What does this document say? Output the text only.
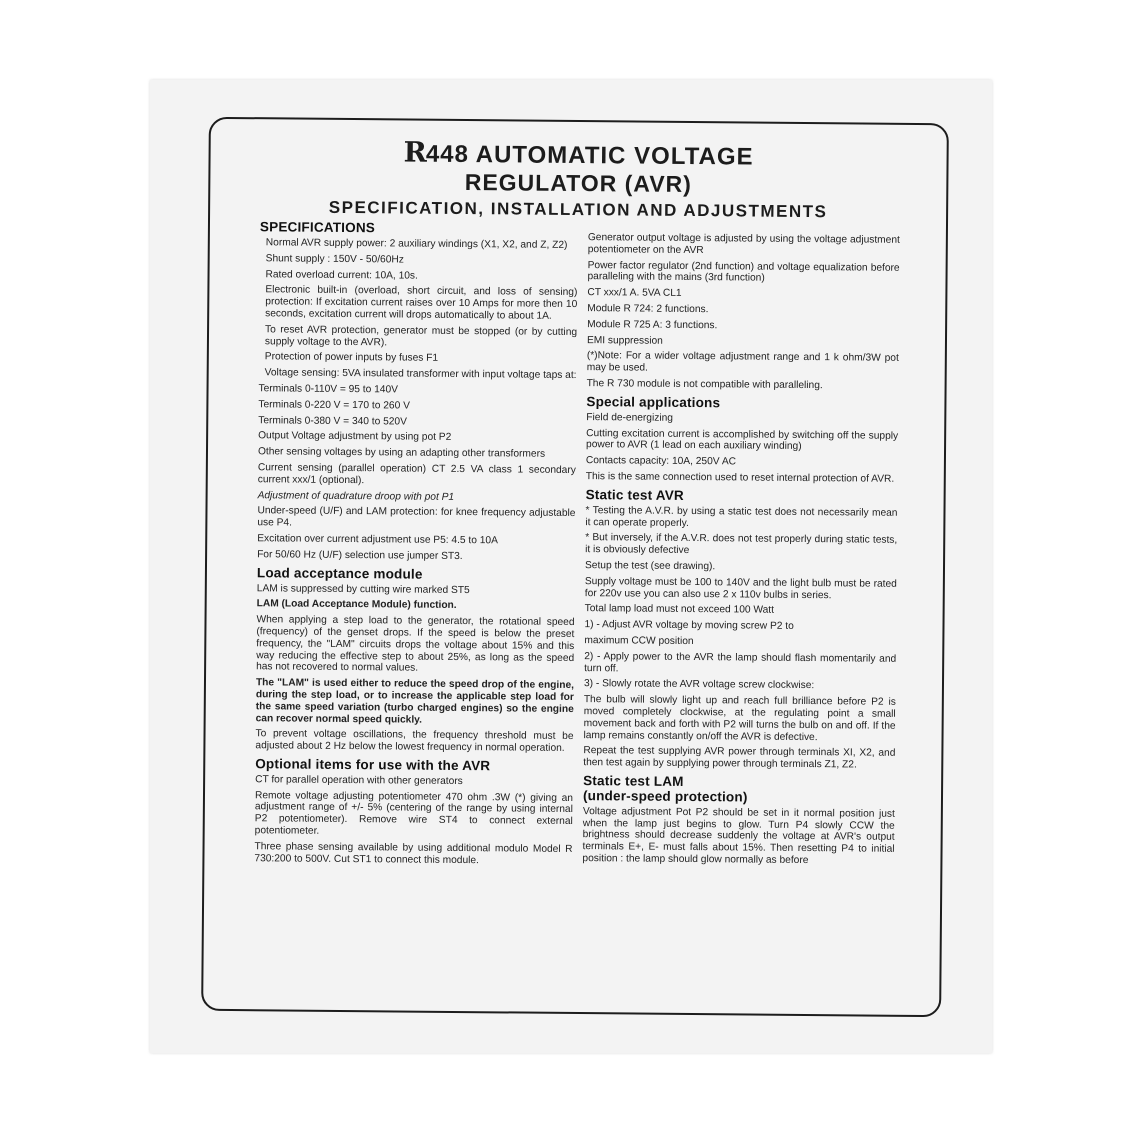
R448 AUTOMATIC VOLTAGE
REGULATOR (AVR)
SPECIFICATION, INSTALLATION AND ADJUSTMENTS
SPECIFICATIONS

Normal AVR supply power: 2 auxiliary windings (X1, X2, and Z, Z2)

Shunt supply : 150V - 50/60Hz

Rated overload current: 10A, 10s.

Electronic built-in (overload, short circuit, and loss of sensing) protection: If excitation current raises over 10 Amps for more then 10 seconds, excitation current will drops automatically to about 1A.

To reset AVR protection, generator must be stopped (or by cutting supply voltage to the AVR).

Protection of power inputs by fuses F1

Voltage sensing: 5VA insulated transformer with input voltage taps at:

Terminals 0-110V = 95 to 140V

Terminals 0-220 V = 170 to 260 V

Terminals 0-380 V = 340 to 520V

Output Voltage adjustment by using pot P2

Other sensing voltages by using an adapting other transformers

Current sensing (parallel operation) CT 2.5 VA class 1 secondary current xxx/1 (optional).

Adjustment of quadrature droop with pot P1

Under-speed (U/F) and LAM protection: for knee frequency adjustable use P4.

Excitation over current adjustment use P5: 4.5 to 10A

For 50/60 Hz (U/F) selection use jumper ST3.

Load acceptance module

LAM is suppressed by cutting wire marked ST5

LAM (Load Acceptance Module) function.

When applying a step load to the generator, the rotational speed (frequency) of the genset drops. If the speed is below the preset frequency, the "LAM" circuits drops the voltage about 15% and this way reducing the effective step to about 25%, as long as the speed has not recovered to normal values.

The "LAM" is used either to reduce the speed drop of the engine, during the step load, or to increase the applicable step load for the same speed variation (turbo charged engines) so the engine can recover normal speed quickly.

To prevent voltage oscillations, the frequency threshold must be adjusted about 2 Hz below the lowest frequency in normal operation.

Optional items for use with the AVR

CT for parallel operation with other generators

Remote voltage adjusting potentiometer 470 ohm .3W (*) giving an adjustment range of +/- 5% (centering of the range by using internal P2 potentiometer). Remove wire ST4 to connect external potentiometer.

Three phase sensing available by using additional modulo Model R 730:200 to 500V. Cut ST1 to connect this module.

Generator output voltage is adjusted by using the voltage adjustment potentiometer on the AVR

Power factor regulator (2nd function) and voltage equalization before paralleling with the mains (3rd function)

CT xxx/1 A. 5VA CL1

Module R 724: 2 functions.

Module R 725 A: 3 functions.

EMI suppression

(*)Note: For a wider voltage adjustment range and 1 k ohm/3W pot may be used.

The R 730 module is not compatible with paralleling.

Special applications

Field de-energizing

Cutting excitation current is accomplished by switching off the supply power to AVR (1 lead on each auxiliary winding)

Contacts capacity: 10A, 250V AC

This is the same connection used to reset internal protection of AVR.

Static test AVR

* Testing the A.V.R. by using a static test does not necessarily mean it can operate properly.

* But inversely, if the A.V.R. does not test properly during static tests, it is obviously defective

Setup the test (see drawing).

Supply voltage must be 100 to 140V and the light bulb must be rated for 220v use you can also use 2 x 110v bulbs in series.

Total lamp load must not exceed 100 Watt

1) - Adjust AVR voltage by moving screw P2 to

maximum CCW position

2) - Apply power to the AVR the lamp should flash momentarily and turn off.

3) - Slowly rotate the AVR voltage screw clockwise:

The bulb will slowly light up and reach full brilliance before P2 is moved completely clockwise, at the regulating point a small movement back and forth with P2 will turns the bulb on and off. If the lamp remains constantly on/off the AVR is defective.

Repeat the test supplying AVR power through terminals XI, X2, and then test again by supplying power through terminals Z1, Z2.

Static test LAM
(under-speed protection)

Voltage adjustment Pot P2 should be set in it normal position just when the lamp just begins to glow. Turn P4 slowly CCW the brightness should decrease suddenly the voltage at AVR's output terminals E+, E- must falls about 15%. Then resetting P4 to initial position : the lamp should glow normally as before
